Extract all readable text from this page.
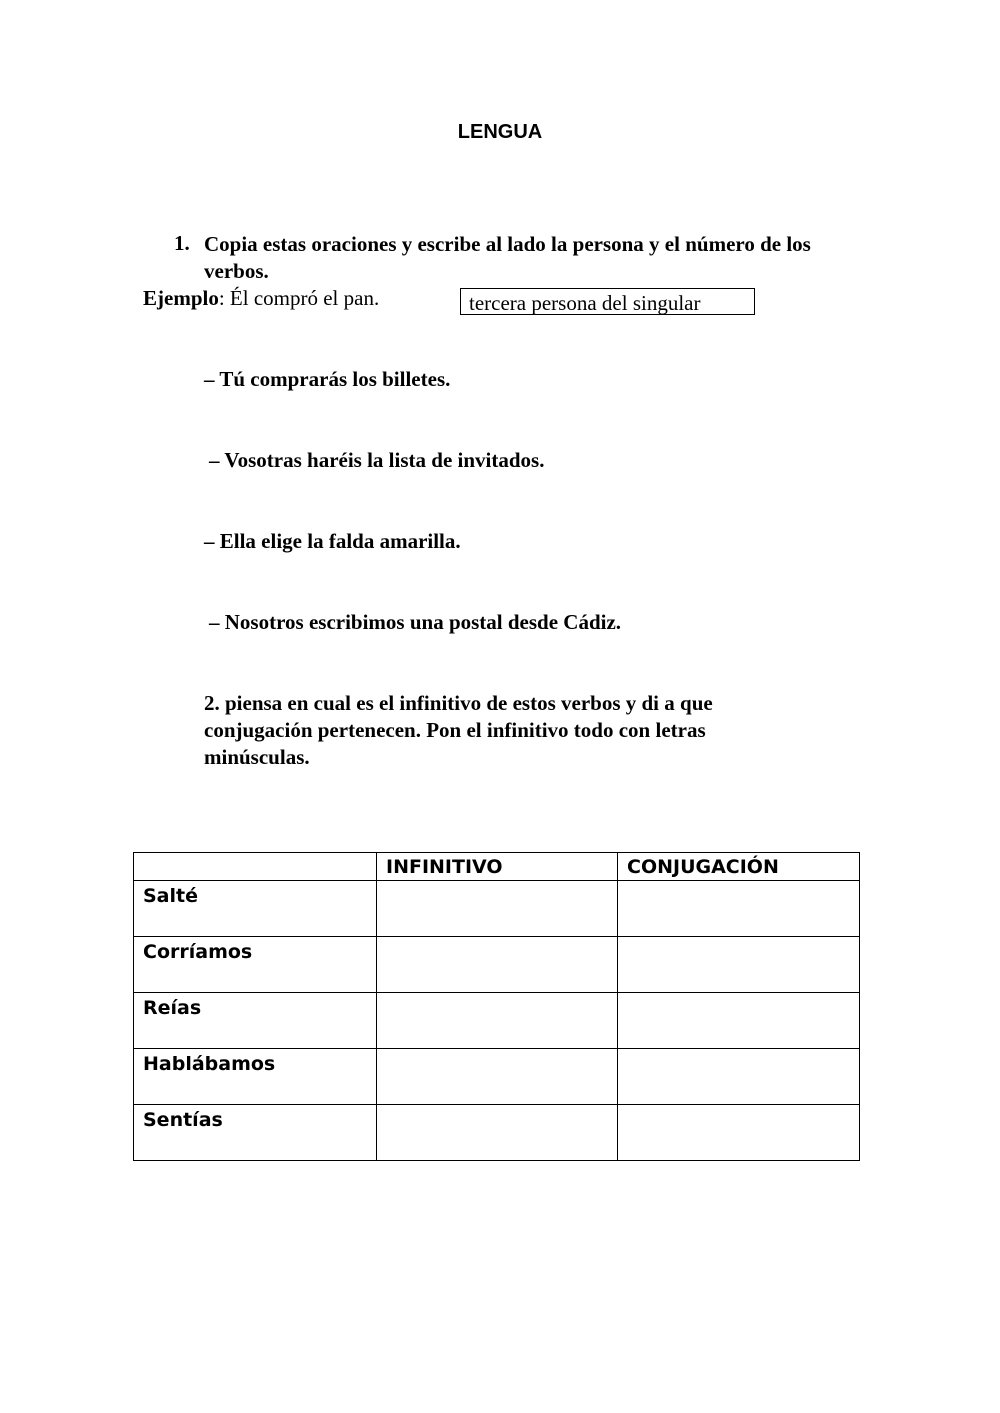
LENGUA
1. Copia estas oraciones y escribe al lado la persona y el número de los verbos.
Ejemplo: Él compró el pan.	tercera persona del singular
– Tú comprarás los billetes.
– Vosotras haréis la lista de invitados.
– Ella elige la falda amarilla.
– Nosotros escribimos una postal desde Cádiz.
2. piensa en cual es el infinitivo de estos verbos y di a que conjugación pertenecen. Pon el infinitivo todo con letras minúsculas.
	INFINITIVO	CONJUGACIÓN
Salté		
Corríamos		
Reías		
Hablábamos		
Sentías		
